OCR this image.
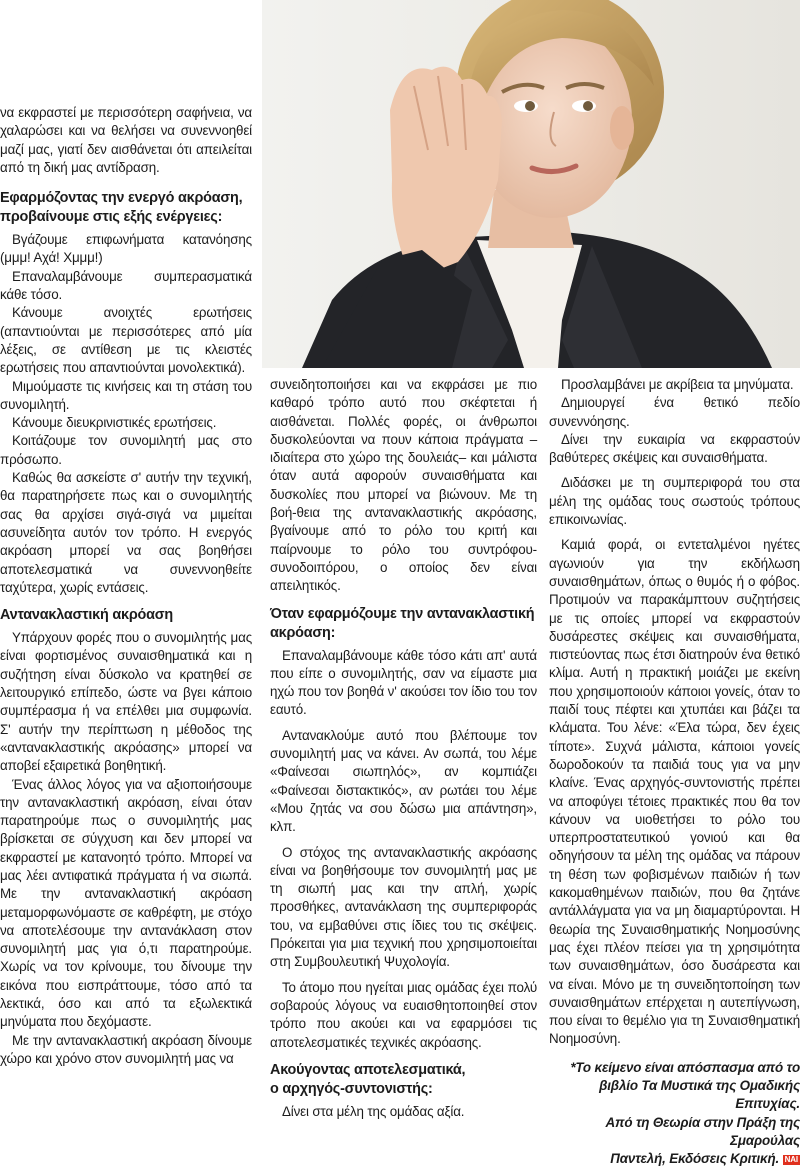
να εκφραστεί με περισσότερη σαφήνεια, να χαλαρώσει και να θελήσει να συνεννοηθεί μαζί μας, γιατί δεν αισθάνεται ότι απειλείται από τη δική μας αντίδραση.

Εφαρμόζοντας την ενεργό ακρόαση,
προβαίνουμε στις εξής ενέργειες:

Βγάζουμε επιφωνήματα κατανόησης (μμμ! Αχά! Χμμμ!)

Επαναλαμβάνουμε συμπερασματικά κάθε τόσο.

Κάνουμε ανοιχτές ερωτήσεις (απαντιούνται με περισσότερες από μία λέξεις, σε αντίθεση με τις κλειστές ερωτήσεις που απαντιούνται μονολεκτικά).

Μιμούμαστε τις κινήσεις και τη στάση του συνομιλητή.

Κάνουμε διευκρινιστικές ερωτήσεις.

Κοιτάζουμε τον συνομιλητή μας στο πρόσωπο.

Καθώς θα ασκείστε σ' αυτήν την τεχνική, θα παρατηρήσετε πως και ο συνομιλητής σας θα αρχίσει σιγά-σιγά να μιμείται ασυνείδητα αυτόν τον τρόπο. Η ενεργός ακρόαση μπορεί να σας βοηθήσει αποτελεσματικά να συνεννοηθείτε ταχύτερα, χωρίς εντάσεις.

Αντανακλαστική ακρόαση

Υπάρχουν φορές που ο συνομιλητής μας είναι φορτισμένος συναισθηματικά και η συζήτηση είναι δύσκολο να κρατηθεί σε λειτουργικό επίπεδο, ώστε να βγει κάποιο συμπέρασμα ή να επέλθει μια συμφωνία. Σ' αυτήν την περίπτωση η μέθοδος της «αντανακλαστικής ακρόασης» μπορεί να αποβεί εξαιρετικά βοηθητική.

Ένας άλλος λόγος για να αξιοποιήσουμε την αντανακλαστική ακρόαση, είναι όταν παρατηρούμε πως ο συνομιλητής μας βρίσκεται σε σύγχυση και δεν μπορεί να εκφραστεί με κατανοητό τρόπο. Μπορεί να μας λέει αντιφατικά πράγματα ή να σιωπά. Με την αντανακλαστική ακρόαση μεταμορφωνόμαστε σε καθρέφτη, με στόχο να αποτελέσουμε την αντανάκλαση στον συνομιλητή μας για ό,τι παρατηρούμε. Χωρίς να τον κρίνουμε, του δίνουμε την εικόνα που εισπράττουμε, τόσο από τα λεκτικά, όσο και από τα εξωλεκτικά μηνύματα που δεχόμαστε.

Με την αντανακλαστική ακρόαση δίνουμε χώρο και χρόνο στον συνομιλητή μας να

συνειδητοποιήσει και να εκφράσει με πιο καθαρό τρόπο αυτό που σκέφτεται ή αισθάνεται. Πολλές φορές, οι άνθρωποι δυσκολεύονται να πουν κάποια πράγματα –ιδιαίτερα στο χώρο της δουλειάς– και μάλιστα όταν αυτά αφορούν συναισθήματα και δυσκολίες που μπορεί να βιώνουν. Με τη βοή-θεια της αντανακλαστικής ακρόασης, βγαίνουμε από το ρόλο του κριτή και παίρνουμε το ρόλο του συντρόφου-συνοδοιπόρου, ο οποίος δεν είναι απειλητικός.

Όταν εφαρμόζουμε την αντανακλαστική
ακρόαση:

Επαναλαμβάνουμε κάθε τόσο κάτι απ' αυτά που είπε ο συνομιλητής, σαν να είμαστε μια ηχώ που τον βοηθά ν' ακούσει τον ίδιο του τον εαυτό.

Αντανακλούμε αυτό που βλέπουμε τον συνομιλητή μας να κάνει. Αν σωπά, του λέμε «Φαίνεσαι σιωπηλός», αν κομπιάζει «Φαίνεσαι διστακτικός», αν ρωτάει του λέμε «Μου ζητάς να σου δώσω μια απάντηση», κλπ.

Ο στόχος της αντανακλαστικής ακρόασης είναι να βοηθήσουμε τον συνομιλητή μας με τη σιωπή μας και την απλή, χωρίς προσθήκες, αντανάκλαση της συμπεριφοράς του, να εμβαθύνει στις ίδιες του τις σκέψεις. Πρόκειται για μια τεχνική που χρησιμοποιείται στη Συμβουλευτική Ψυχολογία.

Το άτομο που ηγείται μιας ομάδας έχει πολύ σοβαρούς λόγους να ευαισθητοποιηθεί στον τρόπο που ακούει και να εφαρμόσει τις αποτελεσματικές τεχνικές ακρόασης.

Ακούγοντας αποτελεσματικά,
ο αρχηγός-συντονιστής:

Δίνει στα μέλη της ομάδας αξία.

Προσλαμβάνει με ακρίβεια τα μηνύματα.

Δημιουργεί ένα θετικό πεδίο συνεννόησης.

Δίνει την ευκαιρία να εκφραστούν βαθύτερες σκέψεις και συναισθήματα.

Διδάσκει με τη συμπεριφορά του στα μέλη της ομάδας τους σωστούς τρόπους επικοινωνίας.

Καμιά φορά, οι εντεταλμένοι ηγέτες αγωνιούν για την εκδήλωση συναισθημάτων, όπως ο θυμός ή ο φόβος. Προτιμούν να παρακάμπτουν συζητήσεις με τις οποίες μπορεί να εκφραστούν δυσάρεστες σκέψεις και συναισθήματα, πιστεύοντας πως έτσι διατηρούν ένα θετικό κλίμα. Αυτή η πρακτική μοιάζει με εκείνη που χρησιμοποιούν κάποιοι γονείς, όταν το παιδί τους πέφτει και χτυπάει και βάζει τα κλάματα. Του λένε: «Έλα τώρα, δεν έχεις τίποτε». Συχνά μάλιστα, κάποιοι γονείς δωροδοκούν τα παιδιά τους για να μην κλαίνε. Ένας αρχηγός-συντονιστής πρέπει να αποφύγει τέτοιες πρακτικές που θα τον κάνουν να υιοθετήσει το ρόλο του υπερπροστατευτικού γονιού και θα οδηγήσουν τα μέλη της ομάδας να πάρουν τη θέση των φοβισμένων παιδιών ή των κακομαθημένων παιδιών, που θα ζητάνε αντάλλάγματα για να μη διαμαρτύρονται. Η θεωρία της Συναισθηματικής Νοημοσύνης μας έχει πλέον πείσει για τη χρησιμότητα των συναισθημάτων, όσο δυσάρεστα και να είναι. Μόνο με τη συνειδητοποίηση των συναισθημάτων επέρχεται η αυτεπίγνωση, που είναι το θεμέλιο για τη Συναισθηματική Νοημοσύνη.

*Το κείμενο είναι απόσπασμα από το
βιβλίο Τα Μυστικά της Ομαδικής Επιτυχίας.
Από τη Θεωρία στην Πράξη της Σμαρούλας
Παντελή, Εκδόσεις Κριτική. ΝΑΙ
